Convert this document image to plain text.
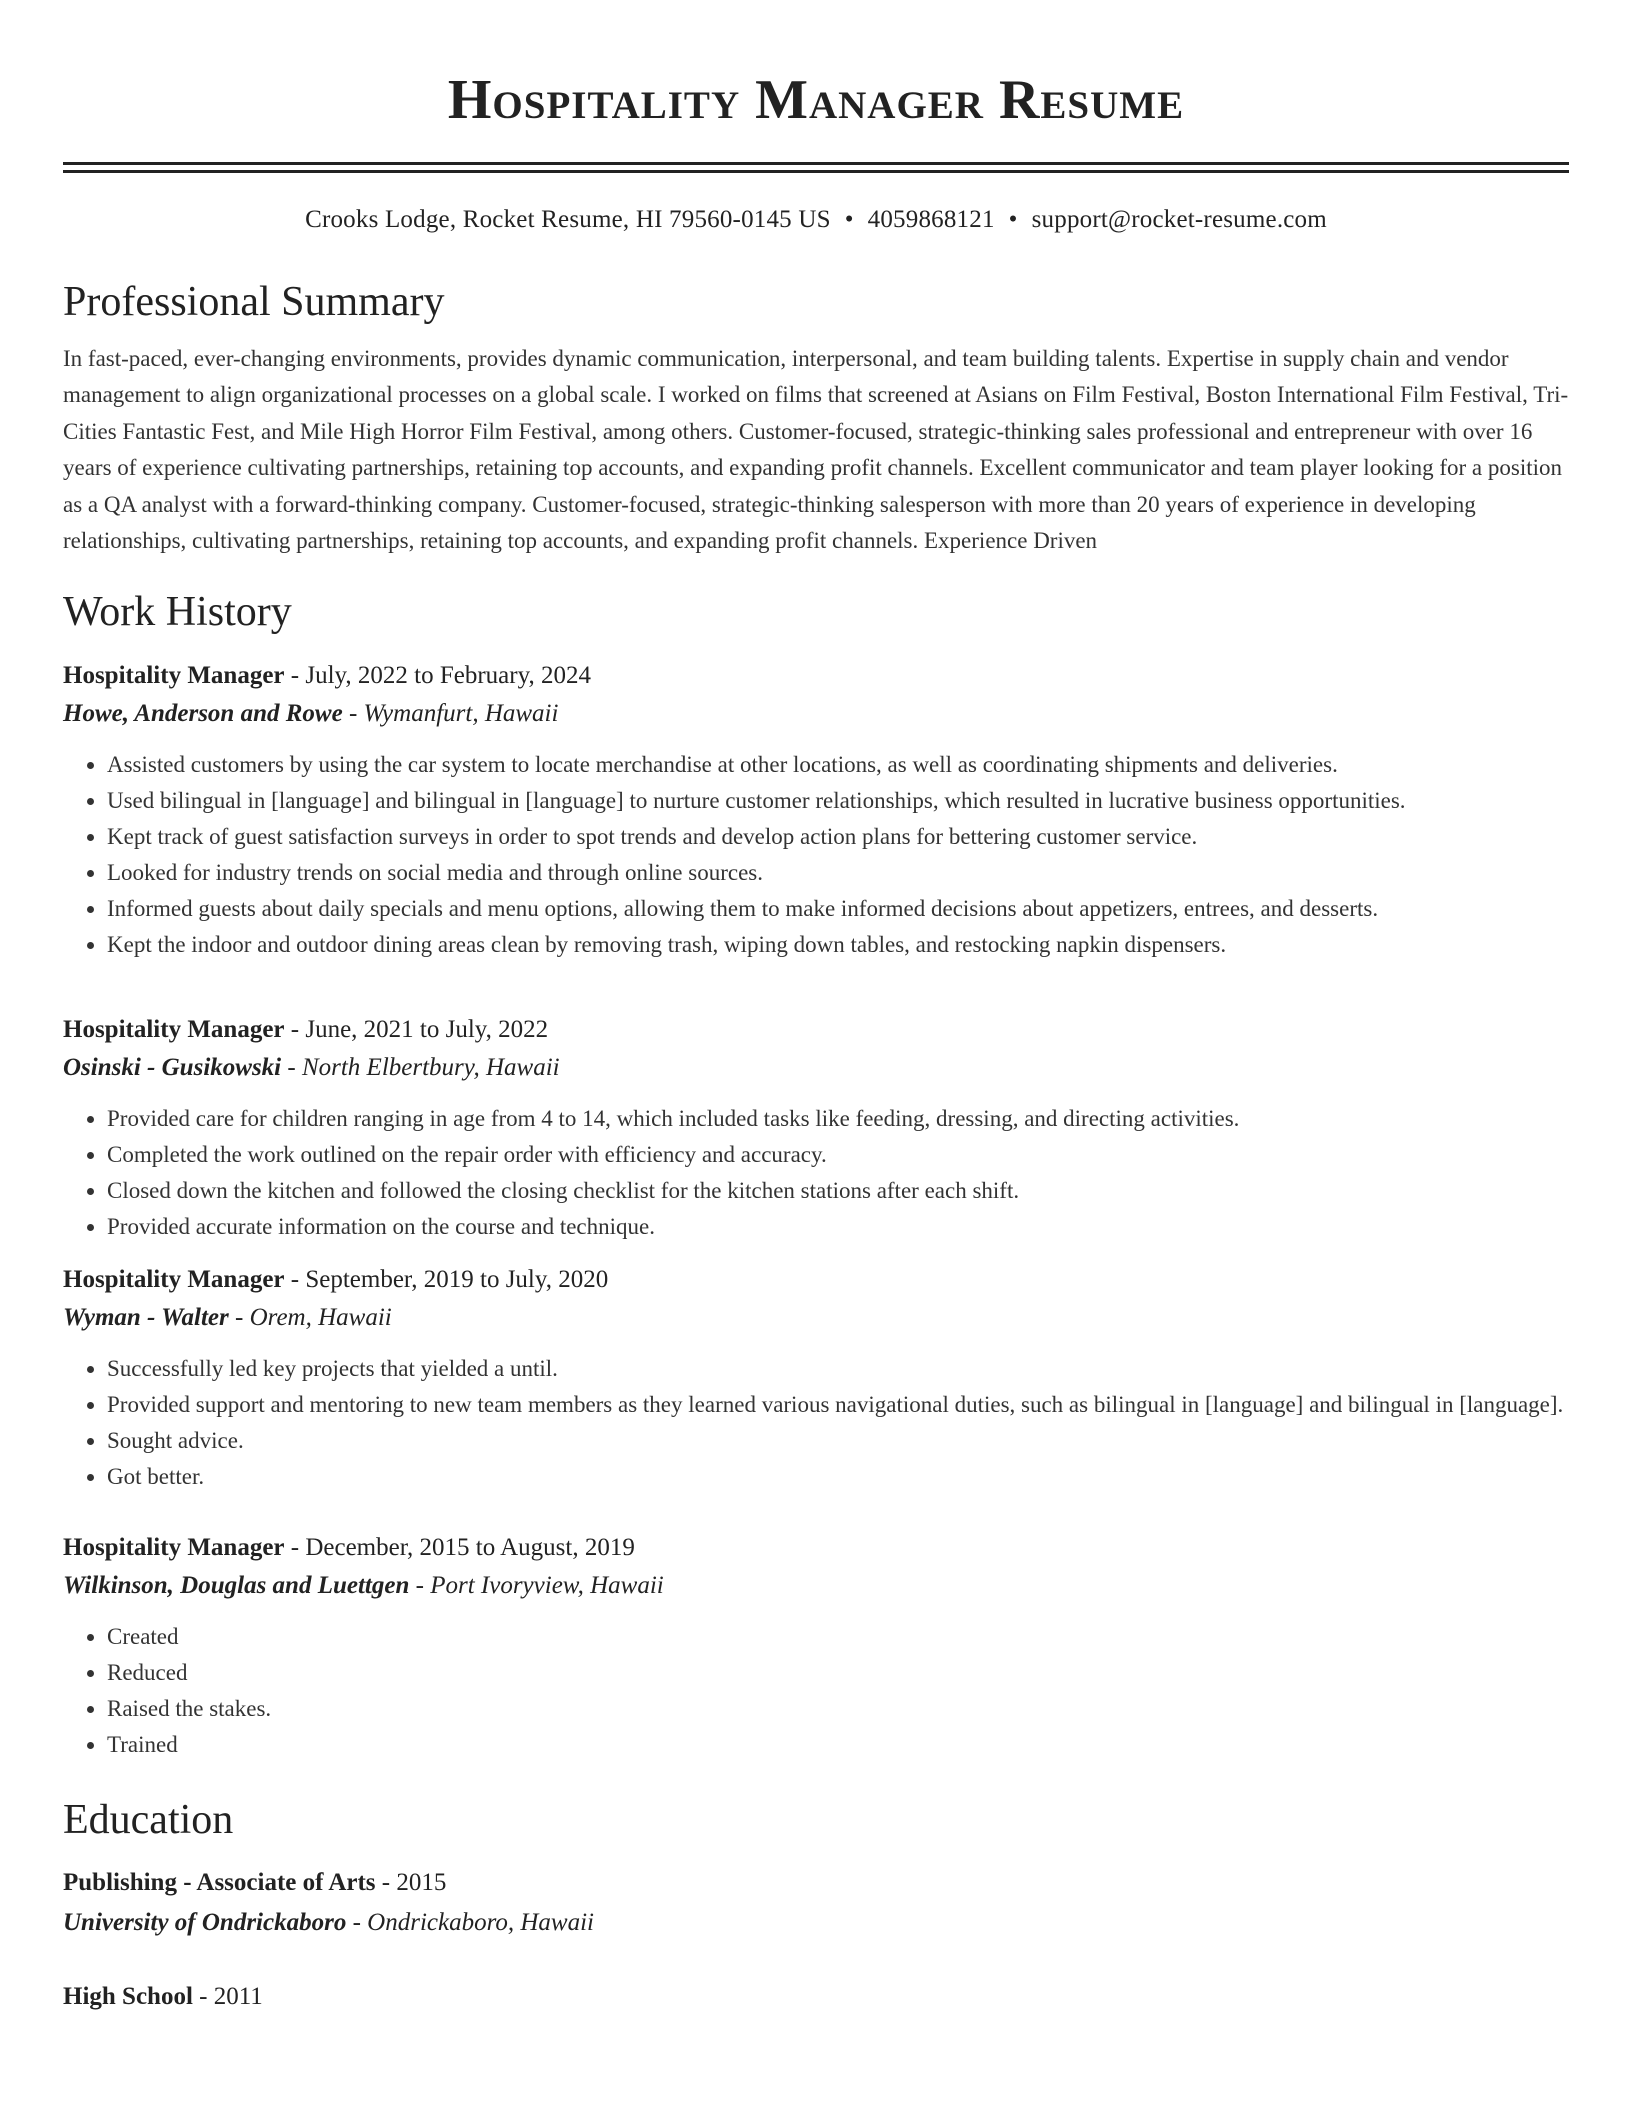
Hospitality Manager Resume
Crooks Lodge, Rocket Resume, HI 79560-0145 US • 4059868121 • support@rocket-resume.com
Professional Summary

In fast-paced, ever-changing environments, provides dynamic communication, interpersonal, and team building talents. Expertise in supply chain and vendor management to align organizational processes on a global scale. I worked on films that screened at Asians on Film Festival, Boston International Film Festival, Tri-Cities Fantastic Fest, and Mile High Horror Film Festival, among others. Customer-focused, strategic-thinking sales professional and entrepreneur with over 16 years of experience cultivating partnerships, retaining top accounts, and expanding profit channels. Excellent communicator and team player looking for a position as a QA analyst with a forward-thinking company. Customer-focused, strategic-thinking salesperson with more than 20 years of experience in developing relationships, cultivating partnerships, retaining top accounts, and expanding profit channels. Experience Driven

Work History
Hospitality Manager - July, 2022 to February, 2024
Howe, Anderson and Rowe - Wymanfurt, Hawaii
• Assisted customers by using the car system to locate merchandise at other locations, as well as coordinating shipments and deliveries.
• Used bilingual in [language] and bilingual in [language] to nurture customer relationships, which resulted in lucrative business opportunities.
• Kept track of guest satisfaction surveys in order to spot trends and develop action plans for bettering customer service.
• Looked for industry trends on social media and through online sources.
• Informed guests about daily specials and menu options, allowing them to make informed decisions about appetizers, entrees, and desserts.
• Kept the indoor and outdoor dining areas clean by removing trash, wiping down tables, and restocking napkin dispensers.
Hospitality Manager - June, 2021 to July, 2022
Osinski - Gusikowski - North Elbertbury, Hawaii
• Provided care for children ranging in age from 4 to 14, which included tasks like feeding, dressing, and directing activities.
• Completed the work outlined on the repair order with efficiency and accuracy.
• Closed down the kitchen and followed the closing checklist for the kitchen stations after each shift.
• Provided accurate information on the course and technique.
Hospitality Manager - September, 2019 to July, 2020
Wyman - Walter - Orem, Hawaii
• Successfully led key projects that yielded a until.
• Provided support and mentoring to new team members as they learned various navigational duties, such as bilingual in [language] and bilingual in [language].
• Sought advice.
• Got better.
Hospitality Manager - December, 2015 to August, 2019
Wilkinson, Douglas and Luettgen - Port Ivoryview, Hawaii
• Created
• Reduced
• Raised the stakes.
• Trained
Education
Publishing - Associate of Arts - 2015
University of Ondrickaboro - Ondrickaboro, Hawaii
High School - 2011
